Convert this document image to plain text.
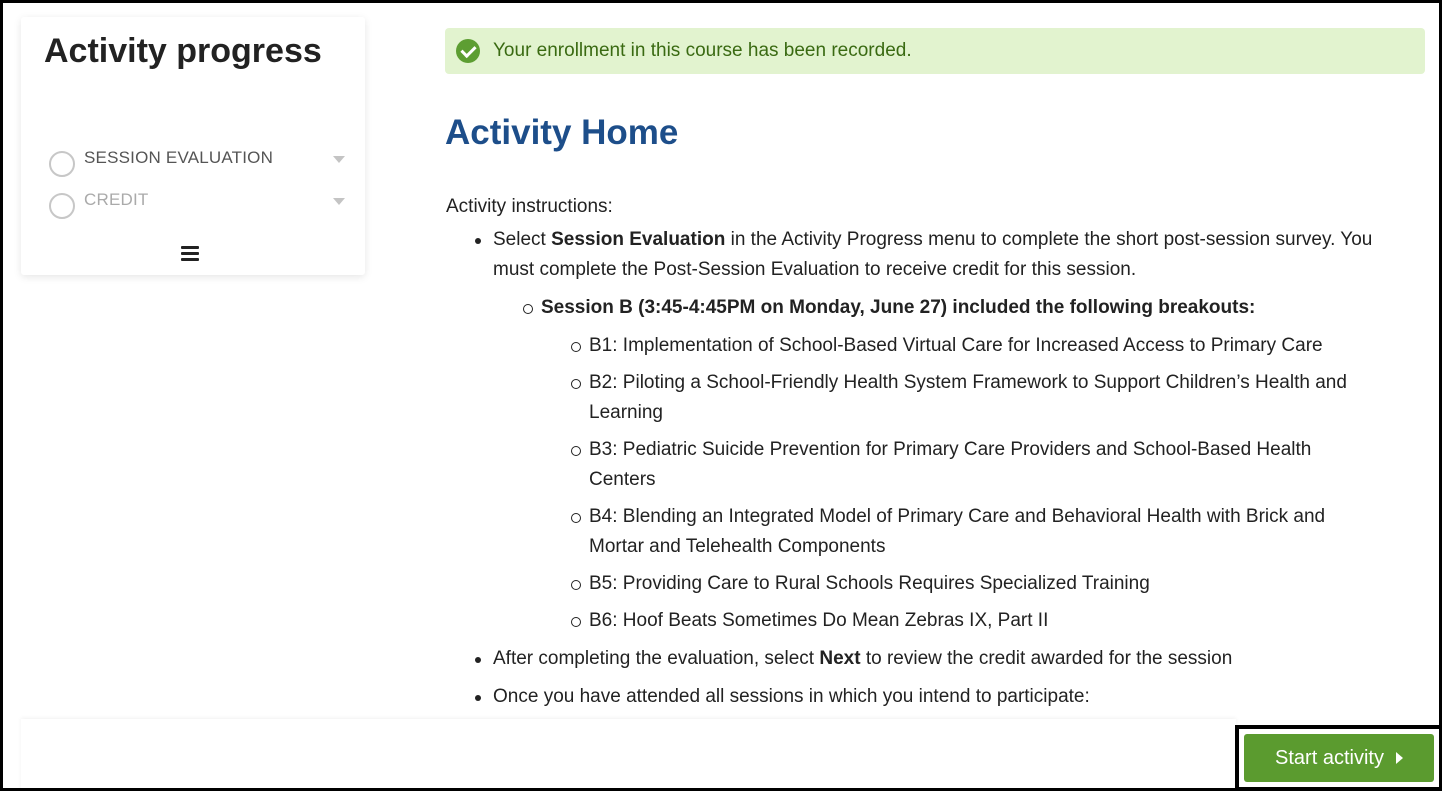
Activity progress
SESSION EVALUATION
CREDIT
Your enrollment in this course has been recorded.
Activity Home
Activity instructions:
Select Session Evaluation in the Activity Progress menu to complete the short post-session survey. You must complete the Post-Session Evaluation to receive credit for this session.
Session B (3:45-4:45PM on Monday, June 27) included the following breakouts:
B1: Implementation of School-Based Virtual Care for Increased Access to Primary Care
B2: Piloting a School-Friendly Health System Framework to Support Children’s Health and Learning
B3: Pediatric Suicide Prevention for Primary Care Providers and School-Based Health Centers
B4: Blending an Integrated Model of Primary Care and Behavioral Health with Brick and Mortar and Telehealth Components
B5: Providing Care to Rural Schools Requires Specialized Training
B6: Hoof Beats Sometimes Do Mean Zebras IX, Part II
After completing the evaluation, select Next to review the credit awarded for the session
Once you have attended all sessions in which you intend to participate:
Start activity
